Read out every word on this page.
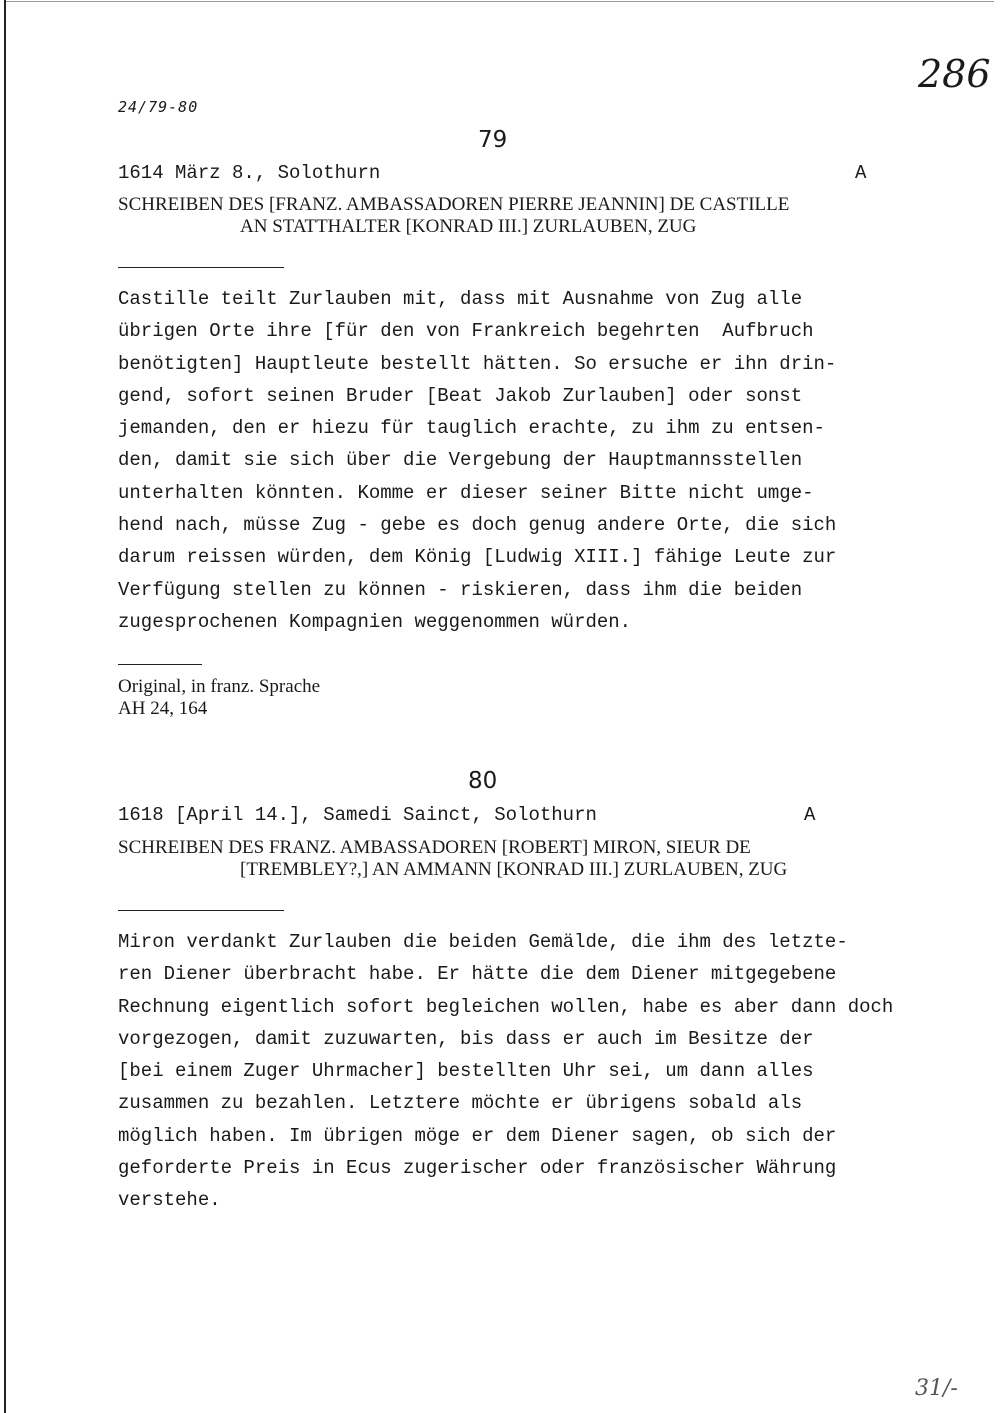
286
24/79-80
79
1614 März 8., Solothurn	A
SCHREIBEN DES [FRANZ. AMBASSADOREN PIERRE JEANNIN] DE CASTILLE
AN STATTHALTER [KONRAD III.] ZURLAUBEN, ZUG
Castille teilt Zurlauben mit, dass mit Ausnahme von Zug alle
übrigen Orte ihre [für den von Frankreich begehrten  Aufbruch
benötigten] Hauptleute bestellt hätten. So ersuche er ihn drin-
gend, sofort seinen Bruder [Beat Jakob Zurlauben] oder sonst
jemanden, den er hiezu für tauglich erachte, zu ihm zu entsen-
den, damit sie sich über die Vergebung der Hauptmannsstellen
unterhalten könnten. Komme er dieser seiner Bitte nicht umge-
hend nach, müsse Zug - gebe es doch genug andere Orte, die sich
darum reissen würden, dem König [Ludwig XIII.] fähige Leute zur
Verfügung stellen zu können - riskieren, dass ihm die beiden
zugesprochenen Kompagnien weggenommen würden.
Original, in franz. Sprache
AH 24, 164
80
1618 [April 14.], Samedi Sainct, Solothurn	A
SCHREIBEN DES FRANZ. AMBASSADOREN [ROBERT] MIRON, SIEUR DE
[TREMBLEY?,] AN AMMANN [KONRAD III.] ZURLAUBEN, ZUG
Miron verdankt Zurlauben die beiden Gemälde, die ihm des letzte-
ren Diener überbracht habe. Er hätte die dem Diener mitgegebene
Rechnung eigentlich sofort begleichen wollen, habe es aber dann doch
vorgezogen, damit zuzuwarten, bis dass er auch im Besitze der
[bei einem Zuger Uhrmacher] bestellten Uhr sei, um dann alles
zusammen zu bezahlen. Letztere möchte er übrigens sobald als
möglich haben. Im übrigen möge er dem Diener sagen, ob sich der
geforderte Preis in Ecus zugerischer oder französischer Währung
verstehe.
31/-
